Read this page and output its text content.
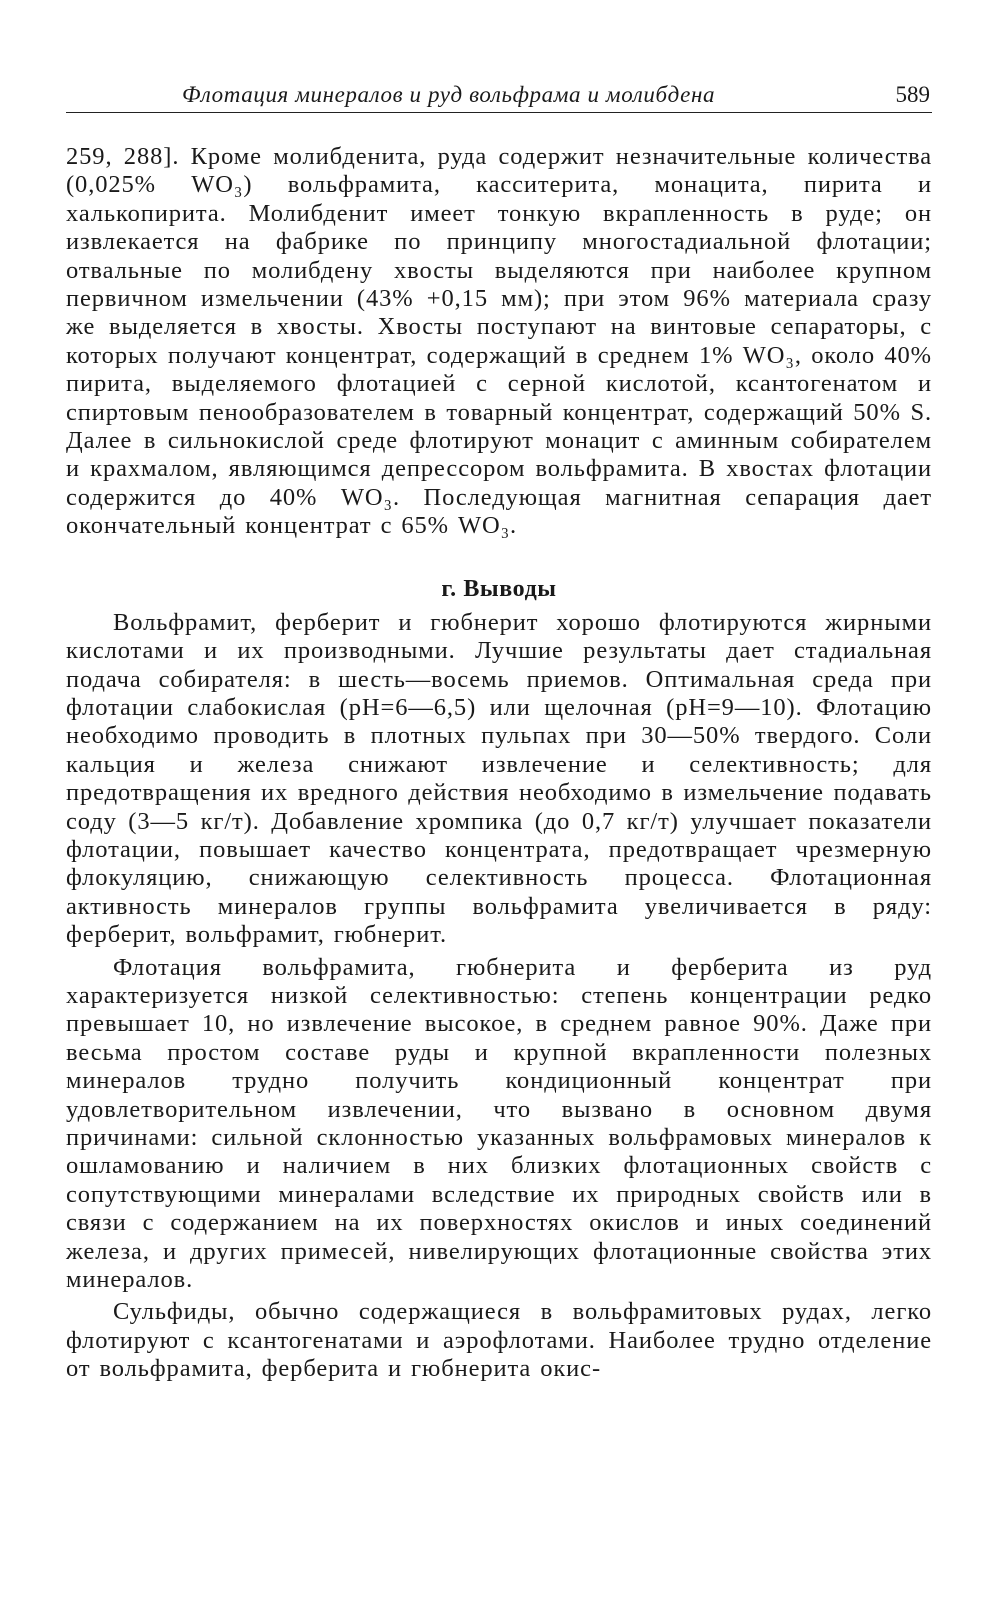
Флотация минералов и руд вольфрама и молибдена	589

259, 288]. Кроме молибденита, руда содержит незначительные количества (0,025% WO₃) вольфрамита, касситерита, монацита, пирита и халькопирита. Молибденит имеет тонкую вкрапленность в руде; он извлекается на фабрике по принципу многостадиальной флотации; отвальные по молибдену хвосты выделяются при наиболее крупном первичном измельчении (43% +0,15 мм); при этом 96% материала сразу же выделяется в хвосты. Хвосты поступают на винтовые сепараторы, с которых получают концентрат, содержащий в среднем 1% WO₃, около 40% пирита, выделяемого флотацией с серной кислотой, ксантогенатом и спиртовым пенообразователем в товарный концентрат, содержащий 50% S. Далее в сильнокислой среде флотируют монацит с аминным собирателем и крахмалом, являющимся депрессором вольфрамита. В хвостах флотации содержится до 40% WO₃. Последующая магнитная сепарация дает окончательный концентрат с 65% WO₃.

г. Выводы

Вольфрамит, ферберит и гюбнерит хорошо флотируются жирными кислотами и их производными. Лучшие результаты дает стадиальная подача собирателя: в шесть—восемь приемов. Оптимальная среда при флотации слабокислая (pH=6—6,5) или щелочная (pH=9—10). Флотацию необходимо проводить в плотных пульпах при 30—50% твердого. Соли кальция и железа снижают извлечение и селективность; для предотвращения их вредного действия необходимо в измельчение подавать соду (3—5 кг/т). Добавление хромпика (до 0,7 кг/т) улучшает показатели флотации, повышает качество концентрата, предотвращает чрезмерную флокуляцию, снижающую селективность процесса. Флотационная активность минералов группы вольфрамита увеличивается в ряду: ферберит, вольфрамит, гюбнерит.

Флотация вольфрамита, гюбнерита и ферберита из руд характеризуется низкой селективностью: степень концентрации редко превышает 10, но извлечение высокое, в среднем равное 90%. Даже при весьма простом составе руды и крупной вкрапленности полезных минералов трудно получить кондиционный концентрат при удовлетворительном извлечении, что вызвано в основном двумя причинами: сильной склонностью указанных вольфрамовых минералов к ошламованию и наличием в них близких флотационных свойств с сопутствующими минералами вследствие их природных свойств или в связи с содержанием на их поверхностях окислов и иных соединений железа, и других примесей, нивелирующих флотационные свойства этих минералов.

Сульфиды, обычно содержащиеся в вольфрамитовых рудах, легко флотируют с ксантогенатами и аэрофлотами. Наиболее трудно отделение от вольфрамита, ферберита и гюбнерита окис-
